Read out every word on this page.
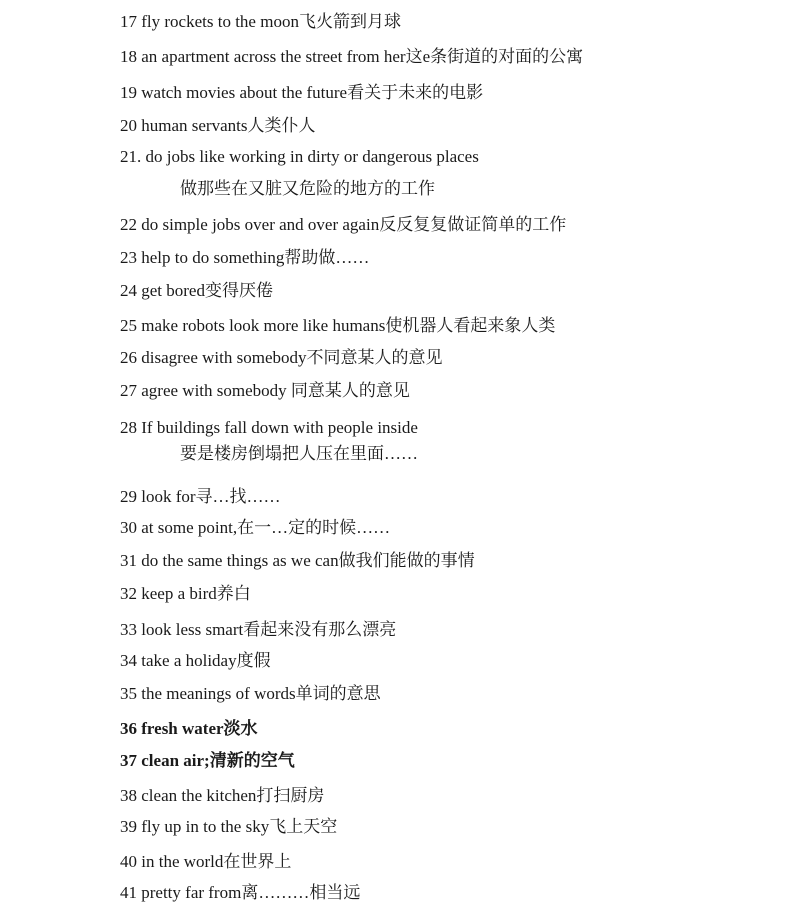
17 fly rockets to the moon飞火箭到月球
18 an apartment across the street from her这e条街道的对面的公寓
19 watch movies about the future看关于未来的电影
20 human servants人类仆人
21. do jobs like working in dirty or dangerous places
做那些在又脏又危险的地方的工作
22 do simple jobs over and over again反反复复做证简单的工作
23 help to do something帮助做……
24 get bored变得厌倦
25 make robots look more like humans使机器人看起来象人类
26 disagree with somebody不同意某人的意见
27 agree with somebody 同意某人的意见
28 If buildings fall down with people inside
要是楼房倒塌把人压在里面……
29 look for寻…找……
30 at some point,在一…定的时候……
31 do the same things as we can做我们能做的事情
32 keep a bird养白
33 look less smart看起来没有那么漂亮
34 take a holiday度假
35 the meanings of words单词的意思
36 fresh water淡水
37 clean air;清新的空气
38 clean the kitchen打扫厨房
39 fly up in to the sky飞上天空
40 in the world在世界上
41 pretty far from离………相当远
